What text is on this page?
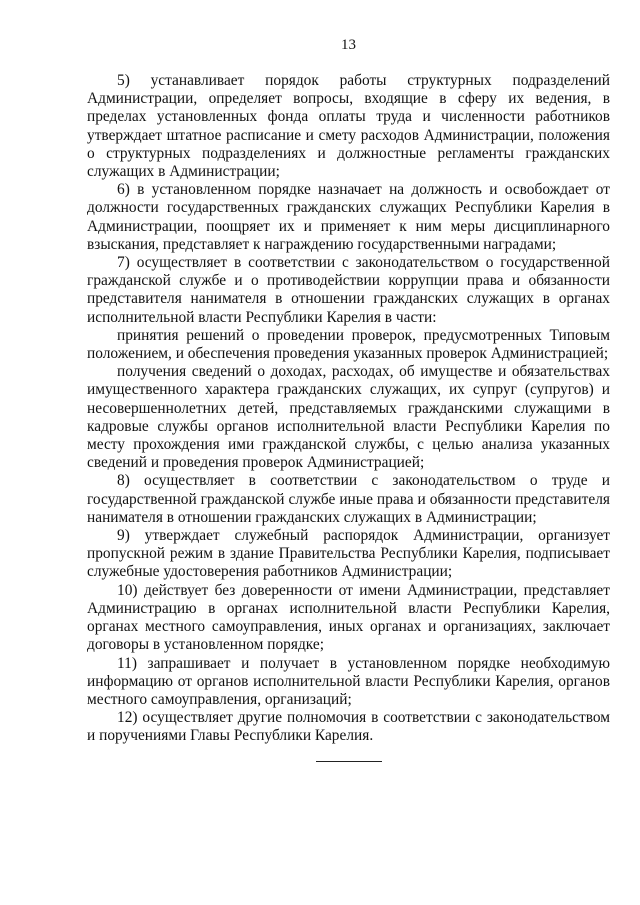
13

5) устанавливает порядок работы структурных подразделений Администрации, определяет вопросы, входящие в сферу их ведения, в пределах установленных фонда оплаты труда и численности работников утверждает штатное расписание и смету расходов Администрации, положения о структурных подразделениях и должностные регламенты гражданских служащих в Администрации;

6) в установленном порядке назначает на должность и освобождает от должности государственных гражданских служащих Республики Карелия в Администрации, поощряет их и применяет к ним меры дисциплинарного взыскания, представляет к награждению государственными наградами;

7) осуществляет в соответствии с законодательством о государственной гражданской службе и о противодействии коррупции права и обязанности представителя нанимателя в отношении гражданских служащих в органах исполнительной власти Республики Карелия в части:

принятия решений о проведении проверок, предусмотренных Типовым положением, и обеспечения проведения указанных проверок Администрацией;

получения сведений о доходах, расходах, об имуществе и обязательствах имущественного характера гражданских служащих, их супруг (супругов) и несовершеннолетних детей, представляемых гражданскими служащими в кадровые службы органов исполнительной власти Республики Карелия по месту прохождения ими гражданской службы, с целью анализа указанных сведений и проведения проверок Администрацией;

8) осуществляет в соответствии с законодательством о труде и государственной гражданской службе иные права и обязанности представителя нанимателя в отношении гражданских служащих в Администрации;

9) утверждает служебный распорядок Администрации, организует пропускной режим в здание Правительства Республики Карелия, подписывает служебные удостоверения работников Администрации;

10) действует без доверенности от имени Администрации, представляет Администрацию в органах исполнительной власти Республики Карелия, органах местного самоуправления, иных органах и организациях, заключает договоры в установленном порядке;

11) запрашивает и получает в установленном порядке необходимую информацию от органов исполнительной власти Республики Карелия, органов местного самоуправления, организаций;

12) осуществляет другие полномочия в соответствии с законодательством и поручениями Главы Республики Карелия.
